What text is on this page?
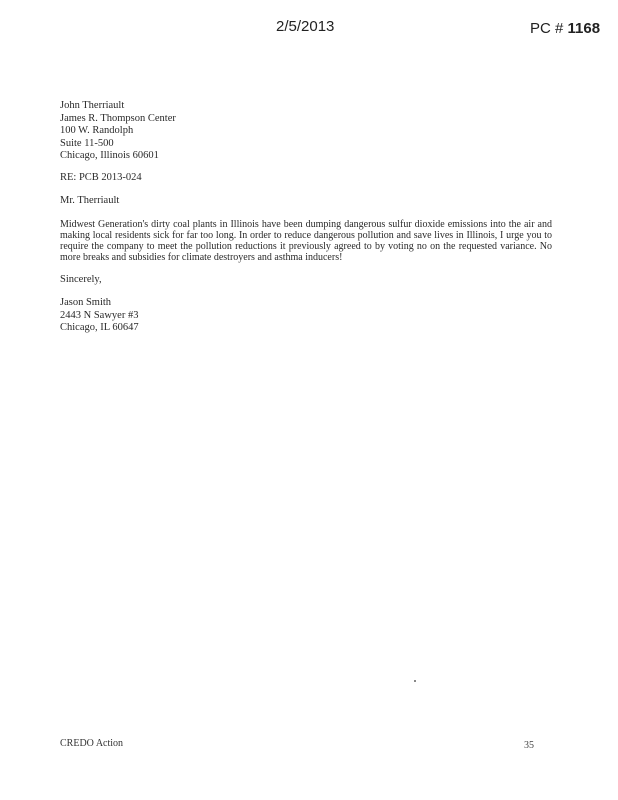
2/5/2013	PC # 1168
John Therriault
James R. Thompson Center
100 W. Randolph
Suite 11-500
Chicago, Illinois 60601
RE: PCB 2013-024
Mr. Therriault
Midwest Generation's dirty coal plants in Illinois have been dumping dangerous sulfur dioxide emissions into the air and making local residents sick for far too long. In order to reduce dangerous pollution and save lives in Illinois, I urge you to require the company to meet the pollution reductions it previously agreed to by voting no on the requested variance. No more breaks and subsidies for climate destroyers and asthma inducers!
Sincerely,
Jason Smith
2443 N Sawyer #3
Chicago, IL 60647
CREDO Action	35
